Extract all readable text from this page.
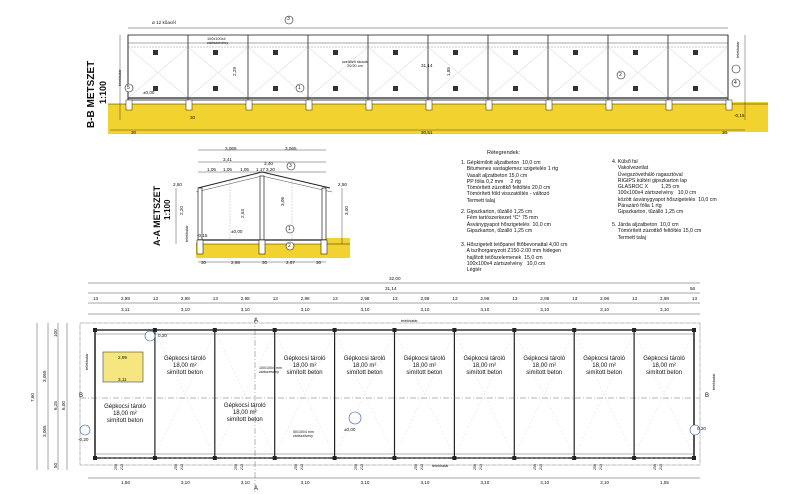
B-B METSZET 1:100
A-A METSZET 1:100
Rétegrendek:
1. Gépkimilott aljzatbeton  10,0 cm
Bitumenes vastaglemez szigetelés 1 rtg
Vasalt aljzatbeton 15,0 cm
PP fólia 0,2 mm     2 rtg
Tömörített zúzottkő feltöltés 20,0 cm
Tömörített föld visszatöltés - változó
Termett talaj
2. Gipszkarton, tűzálló 1,25 cm
Fém tartószerkezet °C° 75 mm
Ásványgyapot hőszigetelés  10,0 cm
Gipszkarton, tűzálló 1,25 cm
3. Hőszigetelt tetőpanel fltőbevonattal 4,00 cm
A tszlhorganyzott Z150-2.00 mm hidegen
hajlított tetőszelemenek  15,0 cm
100x100x4 zártszelvény   10,0 cm
Légtér
4. Külső fal
Vakolvezetlat
Üvegszövetháló ragasztóval
RIGIPS kültéri gipszkarton lap
GLASROC X         1,25 cm
100x100x4 zártszelvény   10,0 cm
között ásványgyapot hőszigetelés  10,0 cm
Párazáró fólia 1 rtg
Gipszkarton, tűzálló 1,25 cm
5. Járda aljzatbeton  10,0 cm
Tömörített zúzottkő feltöltés 15,0 cm
Termett talaj
ø 12 kőacél
100x100x4
zártszelvény
szellőző rácsok
20/20 cm
±0,00
31,14
30,51
30	30
30	-0,15
2,29	1,85
telekhatár
telekhatár
3
2
1
5
4
3,065	3,065
3,41
3,40
1,05 1,05 1,05 1,17 3,20
2,50	2,50
2,53
3,06
2,20	3,00
±0,00
-0,15
30	2,68	30	2,67	30
3
1
2
telekhatár
32,00
31,14	56
2,98	2,98	2,98	2,98	2,98	2,98	2,98	2,98	2,98	2,98
13	13	13	13	13	13	13	13	13	13	13
3,11	3,10	3,10	3,10	3,10	3,10	3,10	3,10	3,10	3,10
1,56	3,10	3,10	3,10	3,10	3,10	3,10	3,10	3,10	1,55
7,60
100
3,065
6,25 6,00
3,065
50
telekhatár
telekhatár
telekhatár
telekhatár
A
A
B	B
0,20
0,20
-0,20
±0,00
2,99
3,11
100/100/4 mm
zártszelvény
50/100/4 mm
zártszelvény
Gépkocsi tároló
18,00 m²
simított beton
Gépkocsi tároló
18,00 m²
simított beton
Gépkocsi tároló
18,00 m²
simított beton
Gépkocsi tároló
18,00 m²
simított beton
Gépkocsi tároló
18,00 m²
simított beton
Gépkocsi tároló
18,00 m²
simított beton
Gépkocsi tároló
18,00 m²
simított beton
Gépkocsi tároló
18,00 m²
simított beton
Gépkocsi tároló
18,00 m²
simított beton
Gépkocsi tároló
18,00 m²
simított beton
250 213	250 213	250 213	250 213	250 213	250 213	250 213	250 213	250 213	250 213
